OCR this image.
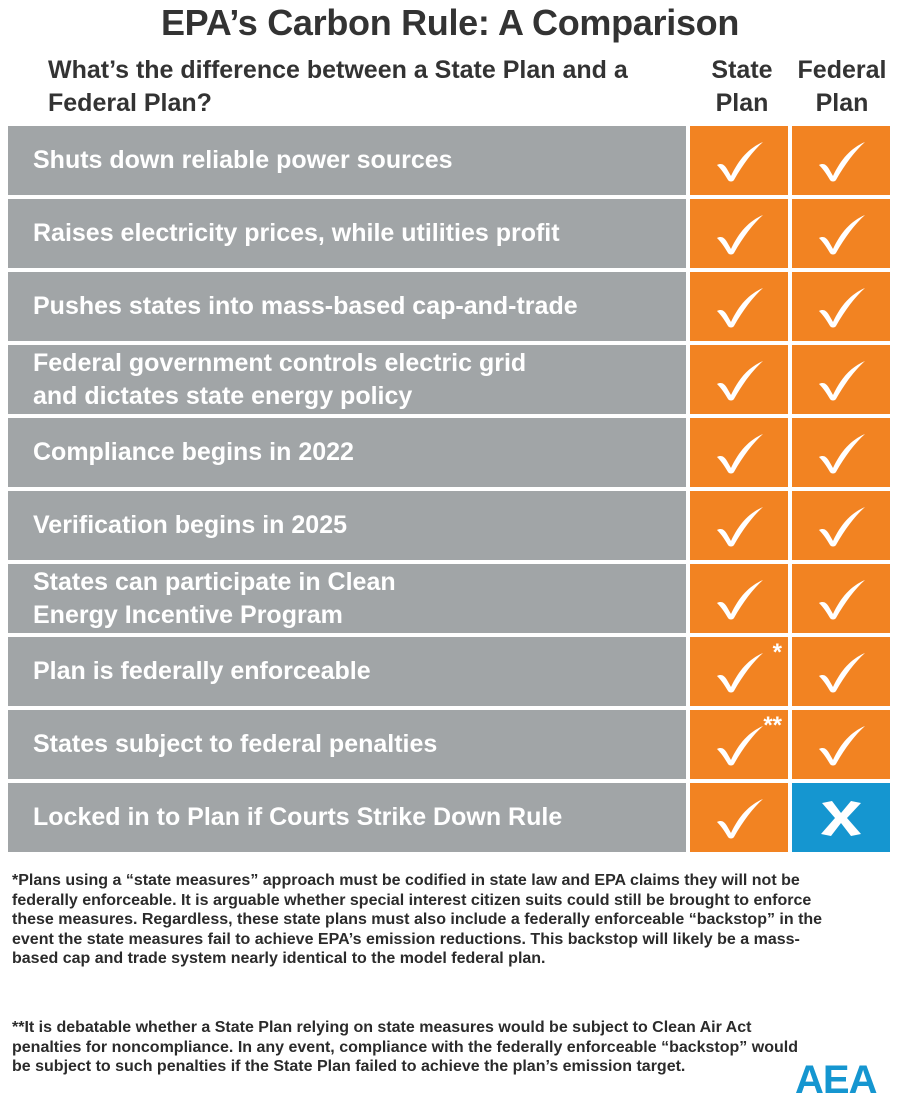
EPA’s Carbon Rule: A Comparison
What’s the difference between a State Plan and a Federal Plan?
State Plan
Federal Plan
Shuts down reliable power sources
Raises electricity prices, while utilities profit
Pushes states into mass-based cap-and-trade
Federal government controls electric grid and dictates state energy policy
Compliance begins in 2022
Verification begins in 2025
States can participate in Clean Energy Incentive Program
Plan is federally enforceable
*
States subject to federal penalties
**
Locked in to Plan if Courts Strike Down Rule
*Plans using a “state measures” approach must be codified in state law and EPA claims they will not be federally enforceable. It is arguable whether special interest citizen suits could still be brought to enforce these measures. Regardless, these state plans must also include a federally enforceable “backstop” in the event the state measures fail to achieve EPA’s emission reductions. This backstop will likely be a mass-based cap and trade system nearly identical to the model federal plan.
**It is debatable whether a State Plan relying on state measures would be subject to Clean Air Act penalties for noncompliance. In any event, compliance with the federally enforceable “backstop” would be subject to such penalties if the State Plan failed to achieve the plan’s emission target.	AEA
